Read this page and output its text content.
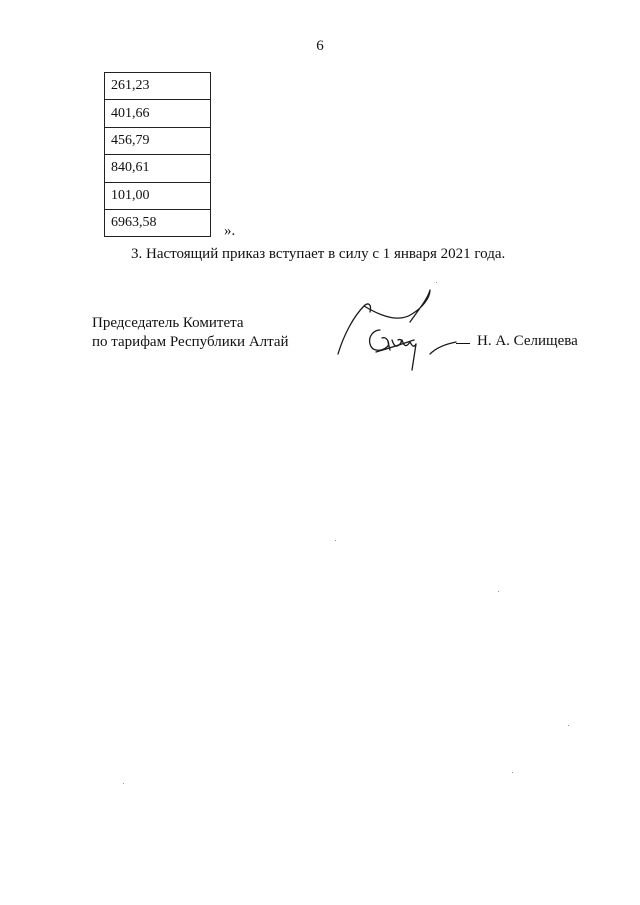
6
261,23
401,66
456,79
840,61
101,00
6963,58
».
3. Настоящий приказ вступает в силу с 1 января 2021 года.
Председатель Комитета
по тарифам Республики Алтай	Н. А. Селищева
